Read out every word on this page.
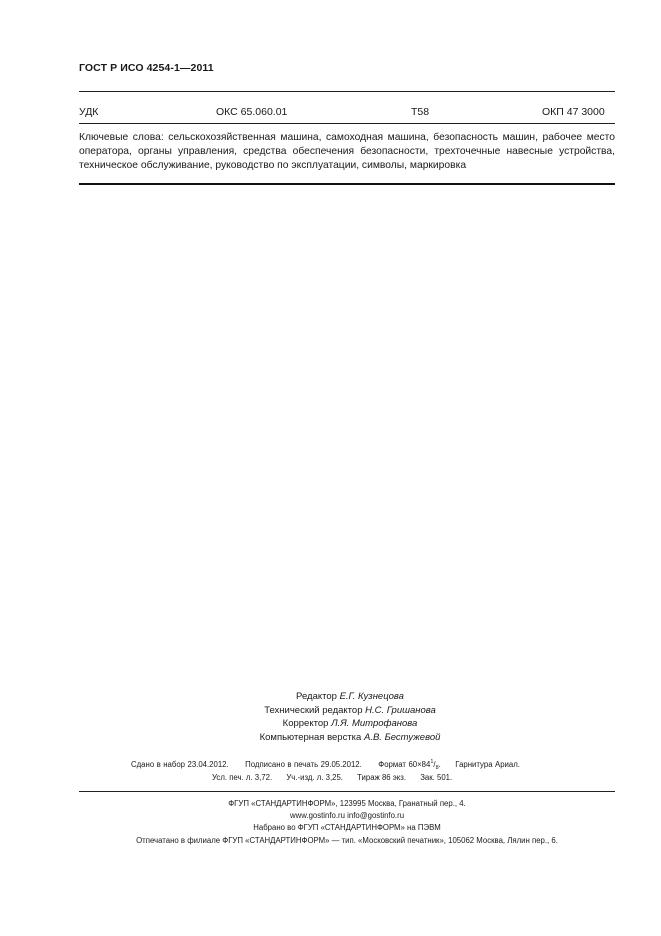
ГОСТ Р ИСО 4254-1—2011
УДК	ОКС 65.060.01	Т58	ОКП 47 3000
Ключевые слова: сельскохозяйственная машина, самоходная машина, безопасность машин, рабочее место оператора, органы управления, средства обеспечения безопасности, трехточечные навесные устройства, техническое обслуживание, руководство по эксплуатации, символы, маркировка
Редактор Е.Г. Кузнецова
Технический редактор Н.С. Гришанова
Корректор Л.Я. Митрофанова
Компьютерная верстка А.В. Бестужевой
Сдано в набор 23.04.2012. Подписано в печать 29.05.2012. Формат $60\times 84^1/_8$. Гарнитура Ариал.
Усл. печ. л. 3,72. Уч.-изд. л. 3,25. Тираж 86 экз. Зак. 501.
ФГУП «СТАНДАРТИНФОРМ», 123995 Москва, Гранатный пер., 4.
www.gostinfo.ru info@gostinfo.ru
Набрано во ФГУП «СТАНДАРТИНФОРМ» на ПЭВМ
Отпечатано в филиале ФГУП «СТАНДАРТИНФОРМ» — тип. «Московский печатник», 105062 Москва, Лялин пер., 6.
